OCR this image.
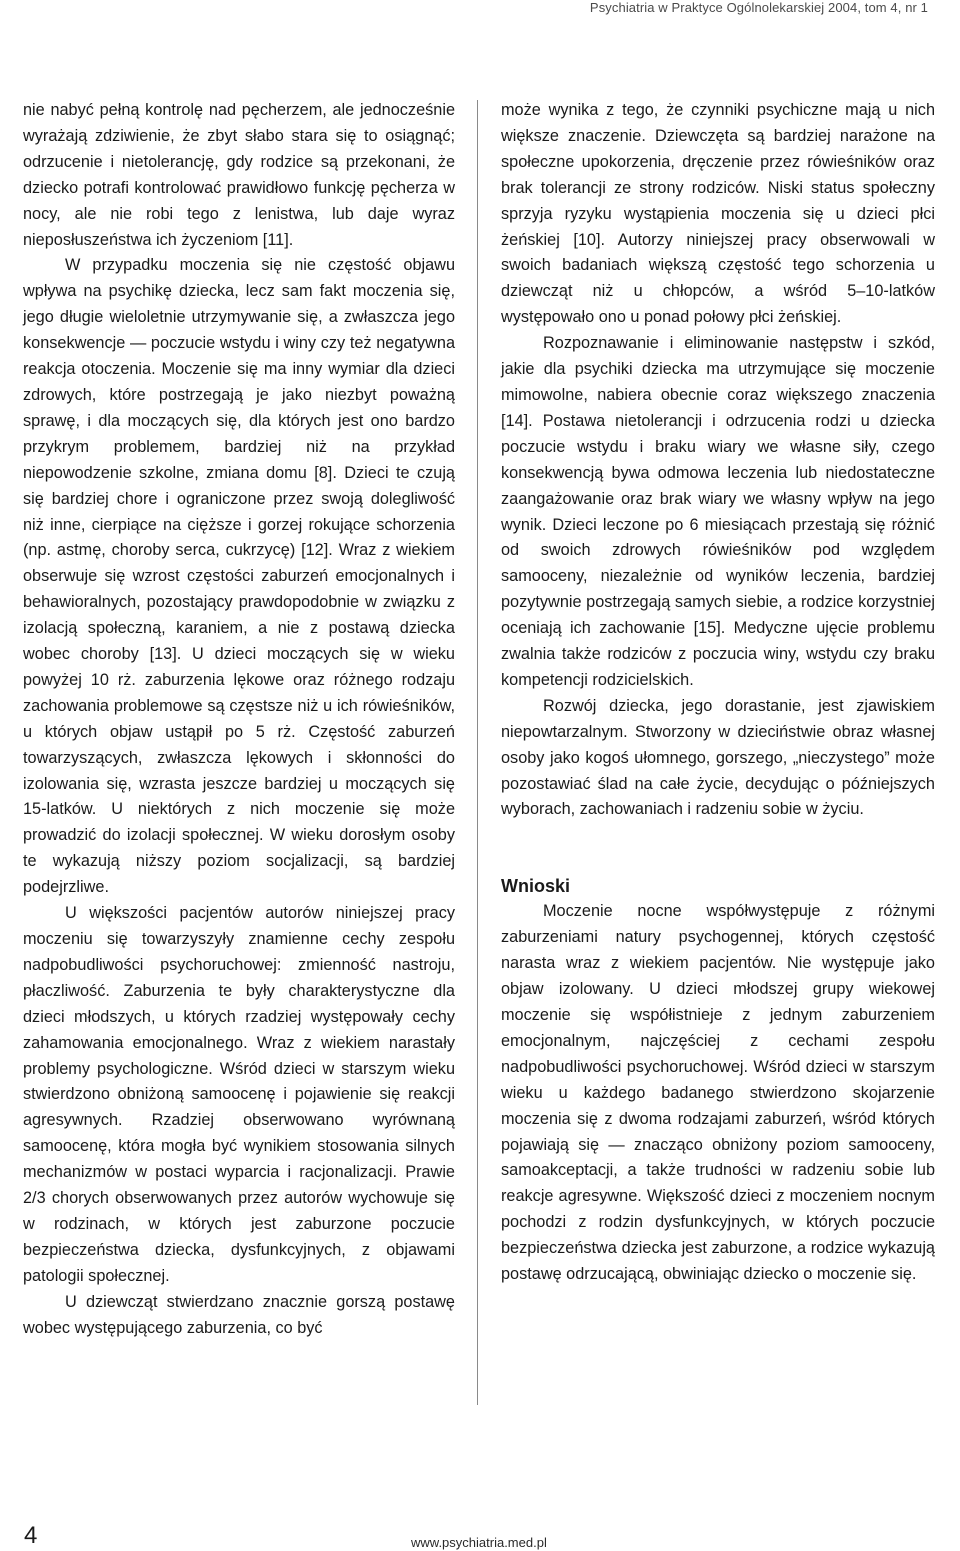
Psychiatria w Praktyce Ogólnolekarskiej 2004, tom 4, nr 1

nie nabyć pełną kontrolę nad pęcherzem, ale jednocześnie wyrażają zdziwienie, że zbyt słabo stara się to osiągnąć; odrzucenie i nietolerancję, gdy rodzice są przekonani, że dziecko potrafi kontrolować prawidłowo funkcję pęcherza w nocy, ale nie robi tego z lenistwa, lub daje wyraz nieposłuszeństwa ich życzeniom [11].

W przypadku moczenia się nie częstość objawu wpływa na psychikę dziecka, lecz sam fakt moczenia się, jego długie wieloletnie utrzymywanie się, a zwłaszcza jego konsekwencje — poczucie wstydu i winy czy też negatywna reakcja otoczenia. Moczenie się ma inny wymiar dla dzieci zdrowych, które postrzegają je jako niezbyt poważną sprawę, i dla moczących się, dla których jest ono bardzo przykrym problemem, bardziej niż na przykład niepowodzenie szkolne, zmiana domu [8]. Dzieci te czują się bardziej chore i ograniczone przez swoją dolegliwość niż inne, cierpiące na cięższe i gorzej rokujące schorzenia (np. astmę, choroby serca, cukrzycę) [12]. Wraz z wiekiem obserwuje się wzrost częstości zaburzeń emocjonalnych i behawioralnych, pozostający prawdopodobnie w związku z izolacją społeczną, karaniem, a nie z postawą dziecka wobec choroby [13]. U dzieci moczących się w wieku powyżej 10 rż. zaburzenia lękowe oraz różnego rodzaju zachowania problemowe są częstsze niż u ich rówieśników, u których objaw ustąpił po 5 rż. Częstość zaburzeń towarzyszących, zwłaszcza lękowych i skłonności do izolowania się, wzrasta jeszcze bardziej u moczących się 15-latków. U niektórych z nich moczenie się może prowadzić do izolacji społecznej. W wieku dorosłym osoby te wykazują niższy poziom socjalizacji, są bardziej podejrzliwe.

U większości pacjentów autorów niniejszej pracy moczeniu się towarzyszyły znamienne cechy zespołu nadpobudliwości psychoruchowej: zmienność nastroju, płaczliwość. Zaburzenia te były charakterystyczne dla dzieci młodszych, u których rzadziej występowały cechy zahamowania emocjonalnego. Wraz z wiekiem narastały problemy psychologiczne. Wśród dzieci w starszym wieku stwierdzono obniżoną samoocenę i pojawienie się reakcji agresywnych. Rzadziej obserwowano wyrównaną samoocenę, która mogła być wynikiem stosowania silnych mechanizmów w postaci wyparcia i racjonalizacji. Prawie 2/3 chorych obserwowanych przez autorów wychowuje się w rodzinach, w których jest zaburzone poczucie bezpieczeństwa dziecka, dysfunkcyjnych, z objawami patologii społecznej.

U dziewcząt stwierdzano znacznie gorszą postawę wobec występującego zaburzenia, co być

może wynika z tego, że czynniki psychiczne mają u nich większe znaczenie. Dziewczęta są bardziej narażone na społeczne upokorzenia, dręczenie przez rówieśników oraz brak tolerancji ze strony rodziców. Niski status społeczny sprzyja ryzyku wystąpienia moczenia się u dzieci płci żeńskiej [10]. Autorzy niniejszej pracy obserwowali w swoich badaniach większą częstość tego schorzenia u dziewcząt niż u chłopców, a wśród 5–10-latków występowało ono u ponad połowy płci żeńskiej.

Rozpoznawanie i eliminowanie następstw i szkód, jakie dla psychiki dziecka ma utrzymujące się moczenie mimowolne, nabiera obecnie coraz większego znaczenia [14]. Postawa nietolerancji i odrzucenia rodzi u dziecka poczucie wstydu i braku wiary we własne siły, czego konsekwencją bywa odmowa leczenia lub niedostateczne zaangażowanie oraz brak wiary we własny wpływ na jego wynik. Dzieci leczone po 6 miesiącach przestają się różnić od swoich zdrowych rówieśników pod względem samooceny, niezależnie od wyników leczenia, bardziej pozytywnie postrzegają samych siebie, a rodzice korzystniej oceniają ich zachowanie [15]. Medyczne ujęcie problemu zwalnia także rodziców z poczucia winy, wstydu czy braku kompetencji rodzicielskich.

Rozwój dziecka, jego dorastanie, jest zjawiskiem niepowtarzalnym. Stworzony w dzieciństwie obraz własnej osoby jako kogoś ułomnego, gorszego, „nieczystego” może pozostawiać ślad na całe życie, decydując o późniejszych wyborach, zachowaniach i radzeniu sobie w życiu.

Wnioski

Moczenie nocne współwystępuje z różnymi zaburzeniami natury psychogennej, których częstość narasta wraz z wiekiem pacjentów. Nie występuje jako objaw izolowany. U dzieci młodszej grupy wiekowej moczenie się współistnieje z jednym zaburzeniem emocjonalnym, najczęściej z cechami zespołu nadpobudliwości psychoruchowej. Wśród dzieci w starszym wieku u każdego badanego stwierdzono skojarzenie moczenia się z dwoma rodzajami zaburzeń, wśród których pojawiają się — znacząco obniżony poziom samooceny, samoakceptacji, a także trudności w radzeniu sobie lub reakcje agresywne. Większość dzieci z moczeniem nocnym pochodzi z rodzin dysfunkcyjnych, w których poczucie bezpieczeństwa dziecka jest zaburzone, a rodzice wykazują postawę odrzucającą, obwiniając dziecko o moczenie się.

4	www.psychiatria.med.pl
